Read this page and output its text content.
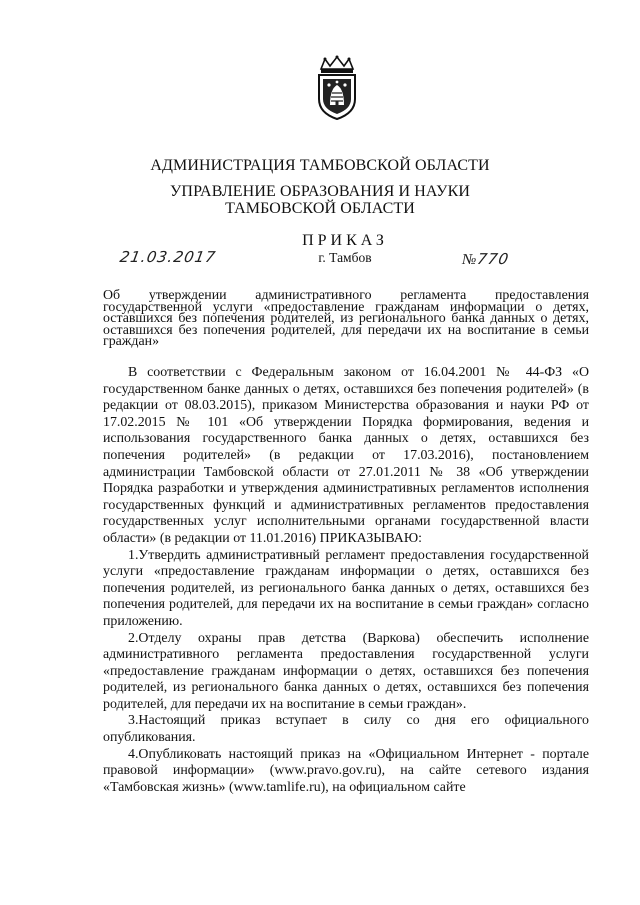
АДМИНИСТРАЦИЯ ТАМБОВСКОЙ ОБЛАСТИ
УПРАВЛЕНИЕ ОБРАЗОВАНИЯ И НАУКИ
ТАМБОВСКОЙ ОБЛАСТИ
ПРИКАЗ
г. Тамбов
21.03.2017	№770
Об утверждении административного регламента предоставления государственной услуги «предоставление гражданам информации о детях, оставшихся без попечения родителей, из регионального банка данных о детях, оставшихся без попечения родителей, для передачи их на воспитание в семьи граждан»

В соответствии с Федеральным законом от 16.04.2001 № 44-ФЗ «О государственном банке данных о детях, оставшихся без попечения родителей» (в редакции от 08.03.2015), приказом Министерства образования и науки РФ от 17.02.2015 № 101 «Об утверждении Порядка формирования, ведения и использования государственного банка данных о детях, оставшихся без попечения родителей» (в редакции от 17.03.2016), постановлением администрации Тамбовской области от 27.01.2011 № 38 «Об утверждении Порядка разработки и утверждения административных регламентов исполнения государственных функций и административных регламентов предоставления государственных услуг исполнительными органами государственной власти области» (в редакции от 11.01.2016) ПРИКАЗЫВАЮ:

1.Утвердить административный регламент предоставления государственной услуги «предоставление гражданам информации о детях, оставшихся без попечения родителей, из регионального банка данных о детях, оставшихся без попечения родителей, для передачи их на воспитание в семьи граждан» согласно приложению.

2.Отделу охраны прав детства (Варкова) обеспечить исполнение административного регламента предоставления государственной услуги «предоставление гражданам информации о детях, оставшихся без попечения родителей, из регионального банка данных о детях, оставшихся без попечения родителей, для передачи их на воспитание в семьи граждан».

3.Настоящий приказ вступает в силу со дня его официального опубликования.

4.Опубликовать настоящий приказ на «Официальном Интернет - портале правовой информации» (www.pravo.gov.ru), на сайте сетевого издания «Тамбовская жизнь» (www.tamlife.ru), на официальном сайте
